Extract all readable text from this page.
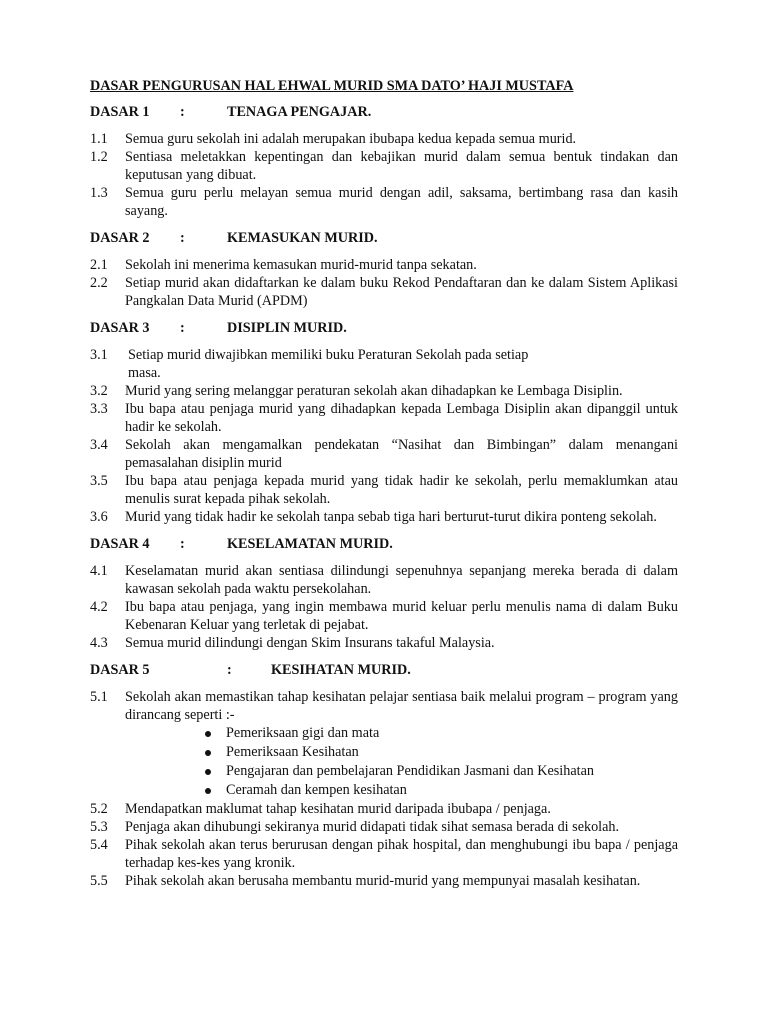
DASAR PENGURUSAN HAL EHWAL MURID SMA DATO’ HAJI MUSTAFA
DASAR 1 :	TENAGA PENGAJAR.
1.1	Semua guru sekolah ini adalah merupakan ibubapa kedua kepada semua murid.
1.2	Sentiasa meletakkan kepentingan dan kebajikan murid dalam semua bentuk tindakan dan keputusan yang dibuat.
1.3	Semua guru perlu melayan semua murid dengan adil, saksama, bertimbang rasa dan kasih sayang.
DASAR 2 :	KEMASUKAN MURID.
2.1	Sekolah ini menerima kemasukan murid-murid tanpa sekatan.
2.2	Setiap murid akan didaftarkan ke dalam buku Rekod Pendaftaran dan ke dalam Sistem Aplikasi Pangkalan Data Murid (APDM)
DASAR 3 :	DISIPLIN MURID.
3.1	Setiap murid diwajibkan memiliki buku Peraturan Sekolah pada setiap
masa.
3.2	Murid yang sering melanggar peraturan sekolah akan dihadapkan ke Lembaga Disiplin.
3.3	Ibu bapa atau penjaga murid yang dihadapkan kepada Lembaga Disiplin akan dipanggil untuk hadir ke sekolah.
3.4	Sekolah akan mengamalkan pendekatan “Nasihat dan Bimbingan” dalam menangani pemasalahan disiplin murid
3.5	Ibu bapa atau penjaga kepada murid yang tidak hadir ke sekolah, perlu memaklumkan atau menulis surat kepada pihak sekolah.
3.6	Murid yang tidak hadir ke sekolah tanpa sebab tiga hari berturut-turut dikira ponteng sekolah.
DASAR 4 :	KESELAMATAN MURID.
4.1	Keselamatan murid akan sentiasa dilindungi sepenuhnya sepanjang mereka berada di dalam kawasan sekolah pada waktu persekolahan.
4.2	Ibu bapa atau penjaga, yang ingin membawa murid keluar perlu menulis nama di dalam Buku Kebenaran Keluar yang terletak di pejabat.
4.3	Semua murid dilindungi dengan Skim Insurans takaful Malaysia.
DASAR 5	:	KESIHATAN MURID.
5.1	Sekolah akan memastikan tahap kesihatan pelajar sentiasa baik melalui program – program yang dirancang seperti :-
Pemeriksaan gigi dan mata
Pemeriksaan Kesihatan
Pengajaran dan pembelajaran Pendidikan Jasmani dan Kesihatan
Ceramah dan kempen kesihatan
5.2	Mendapatkan maklumat tahap kesihatan murid daripada ibubapa / penjaga.
5.3	Penjaga akan dihubungi sekiranya murid didapati tidak sihat semasa berada di sekolah.
5.4	Pihak sekolah akan terus berurusan dengan pihak hospital, dan menghubungi ibu bapa / penjaga terhadap kes-kes yang kronik.
5.5	Pihak sekolah akan berusaha membantu murid-murid yang mempunyai masalah kesihatan.
